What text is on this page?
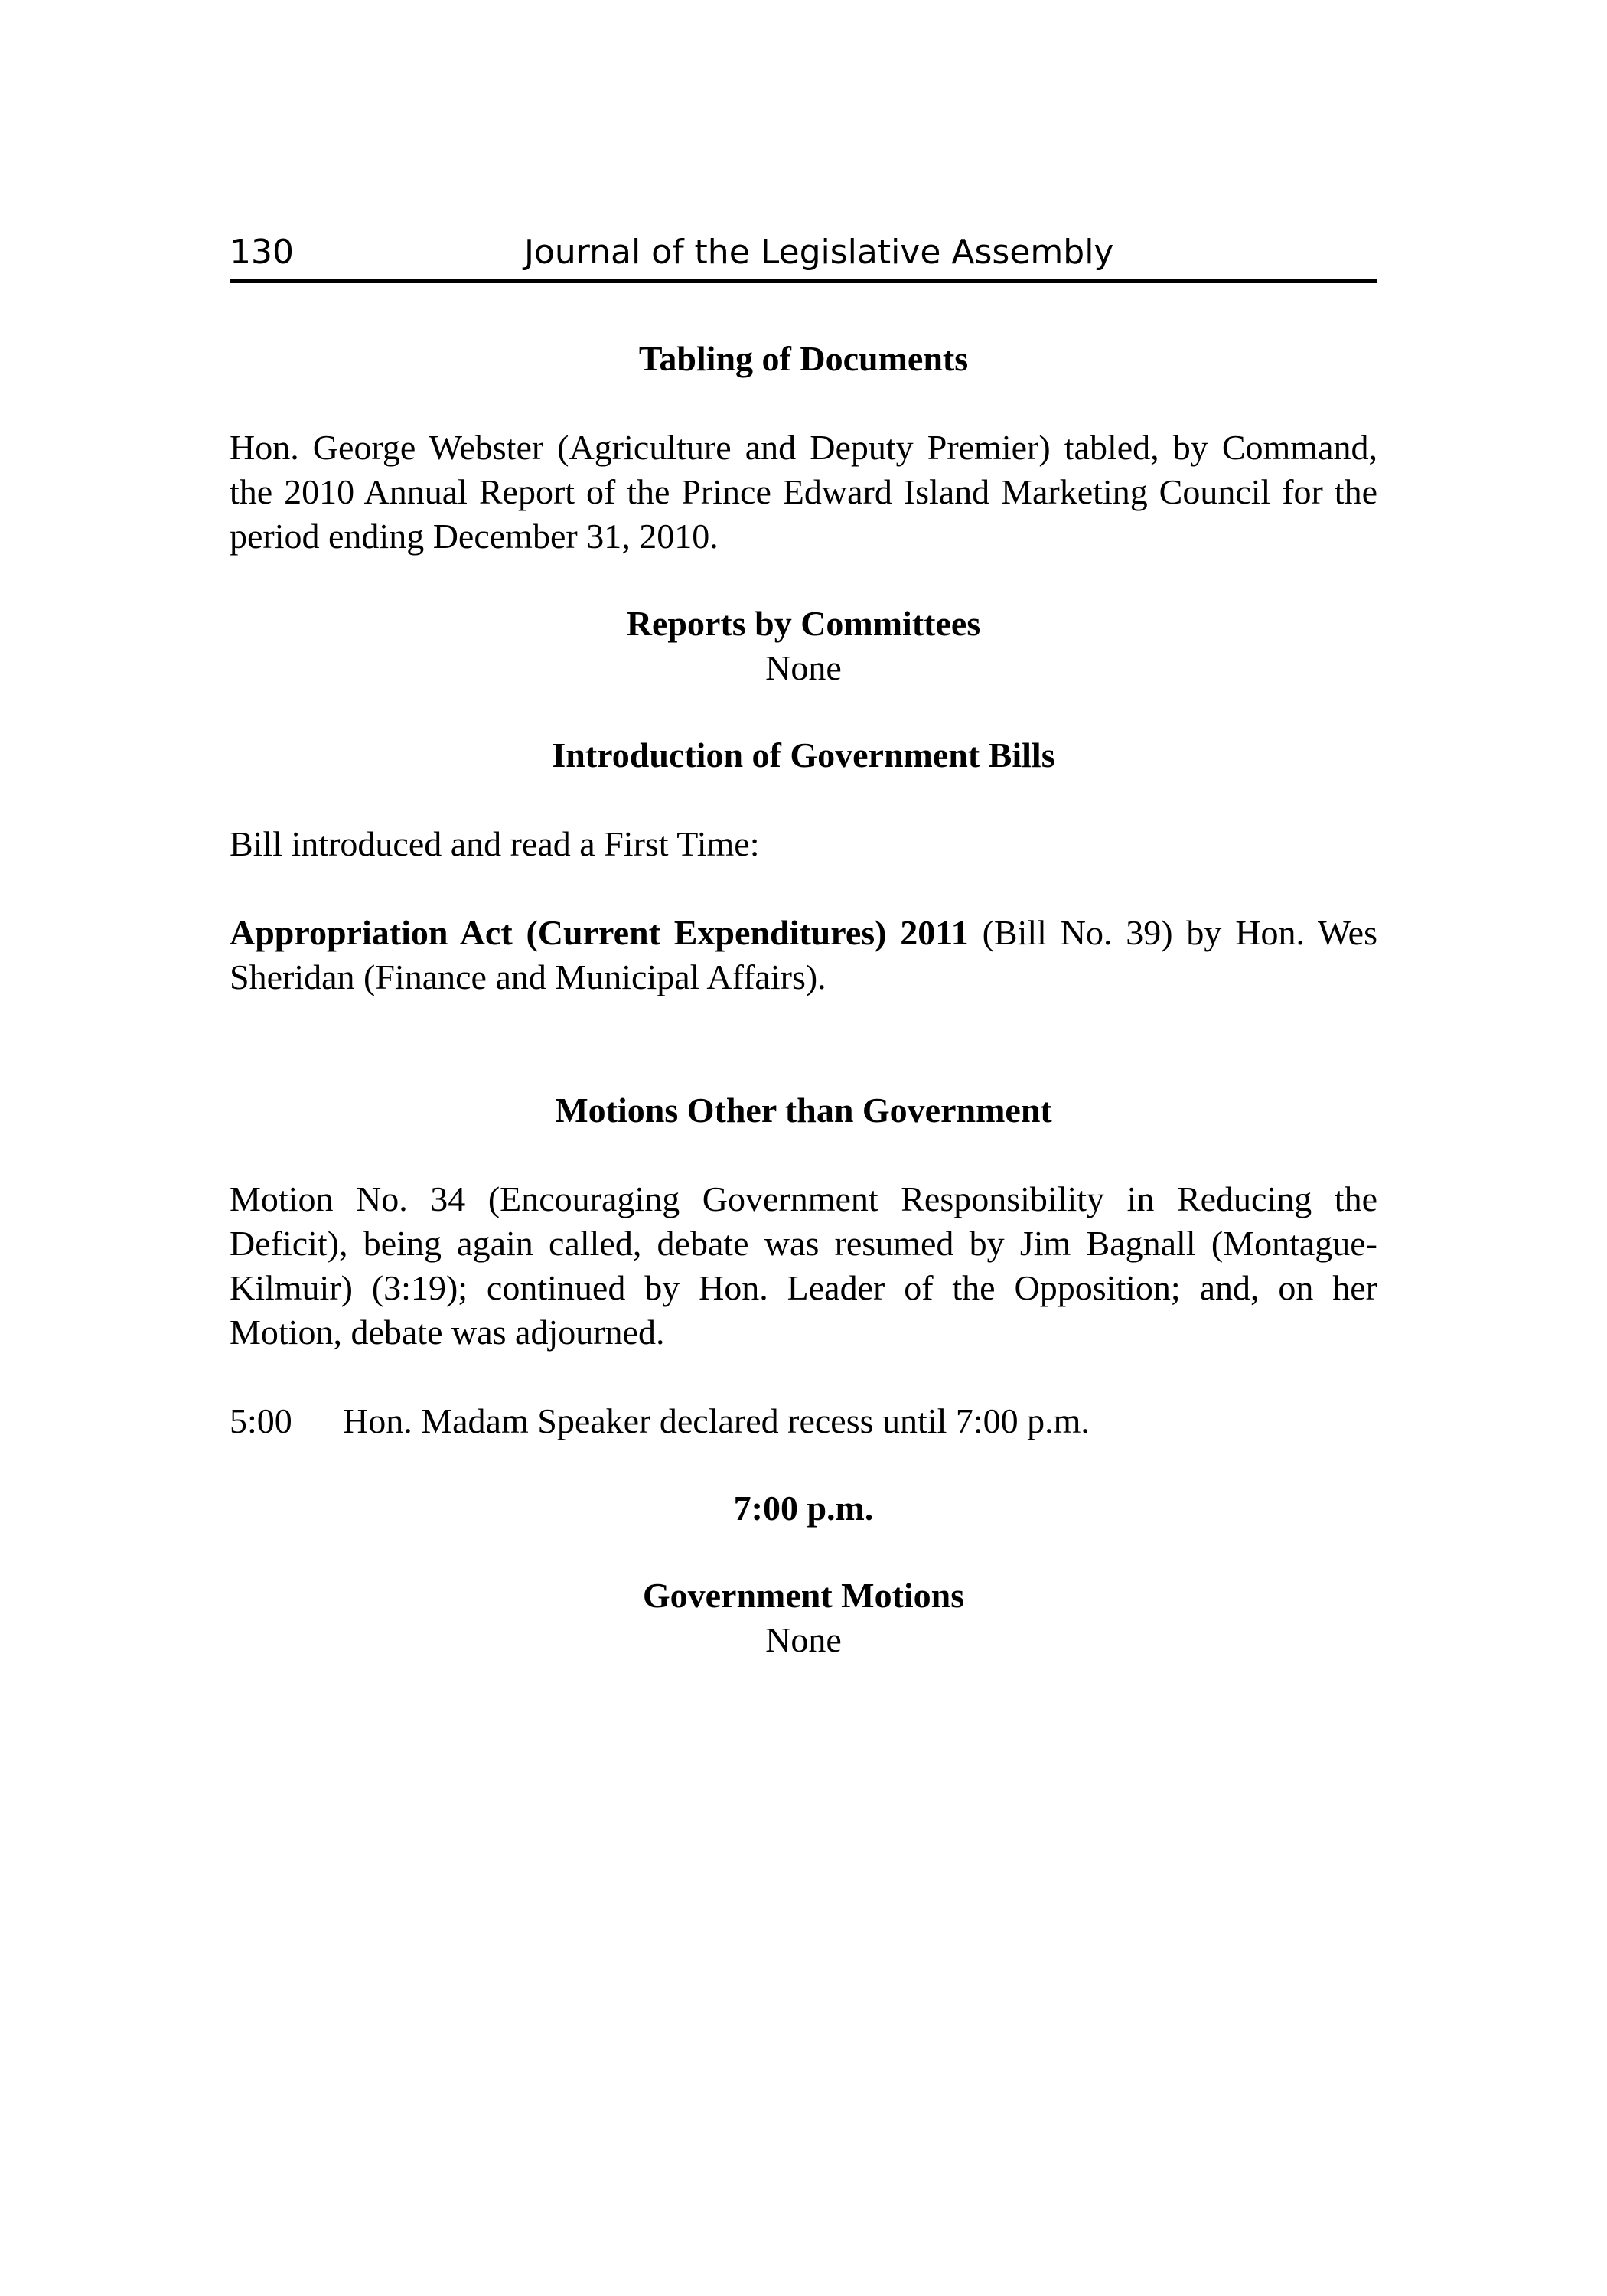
130	Journal of the Legislative Assembly
Tabling of Documents
Hon. George Webster (Agriculture and Deputy Premier) tabled, by Command, the 2010 Annual Report of the Prince Edward Island Marketing Council for the period ending December 31, 2010.
Reports by Committees
None
Introduction of Government Bills
Bill introduced and read a First Time:
Appropriation Act (Current Expenditures) 2011 (Bill No. 39) by Hon. Wes Sheridan (Finance and Municipal Affairs).
Motions Other than Government
Motion No. 34 (Encouraging Government Responsibility in Reducing the Deficit), being again called, debate was resumed by Jim Bagnall (Montague-Kilmuir) (3:19); continued by Hon. Leader of the Opposition; and, on her Motion, debate was adjourned.
5:00 Hon. Madam Speaker declared recess until 7:00 p.m.
7:00 p.m.
Government Motions
None
